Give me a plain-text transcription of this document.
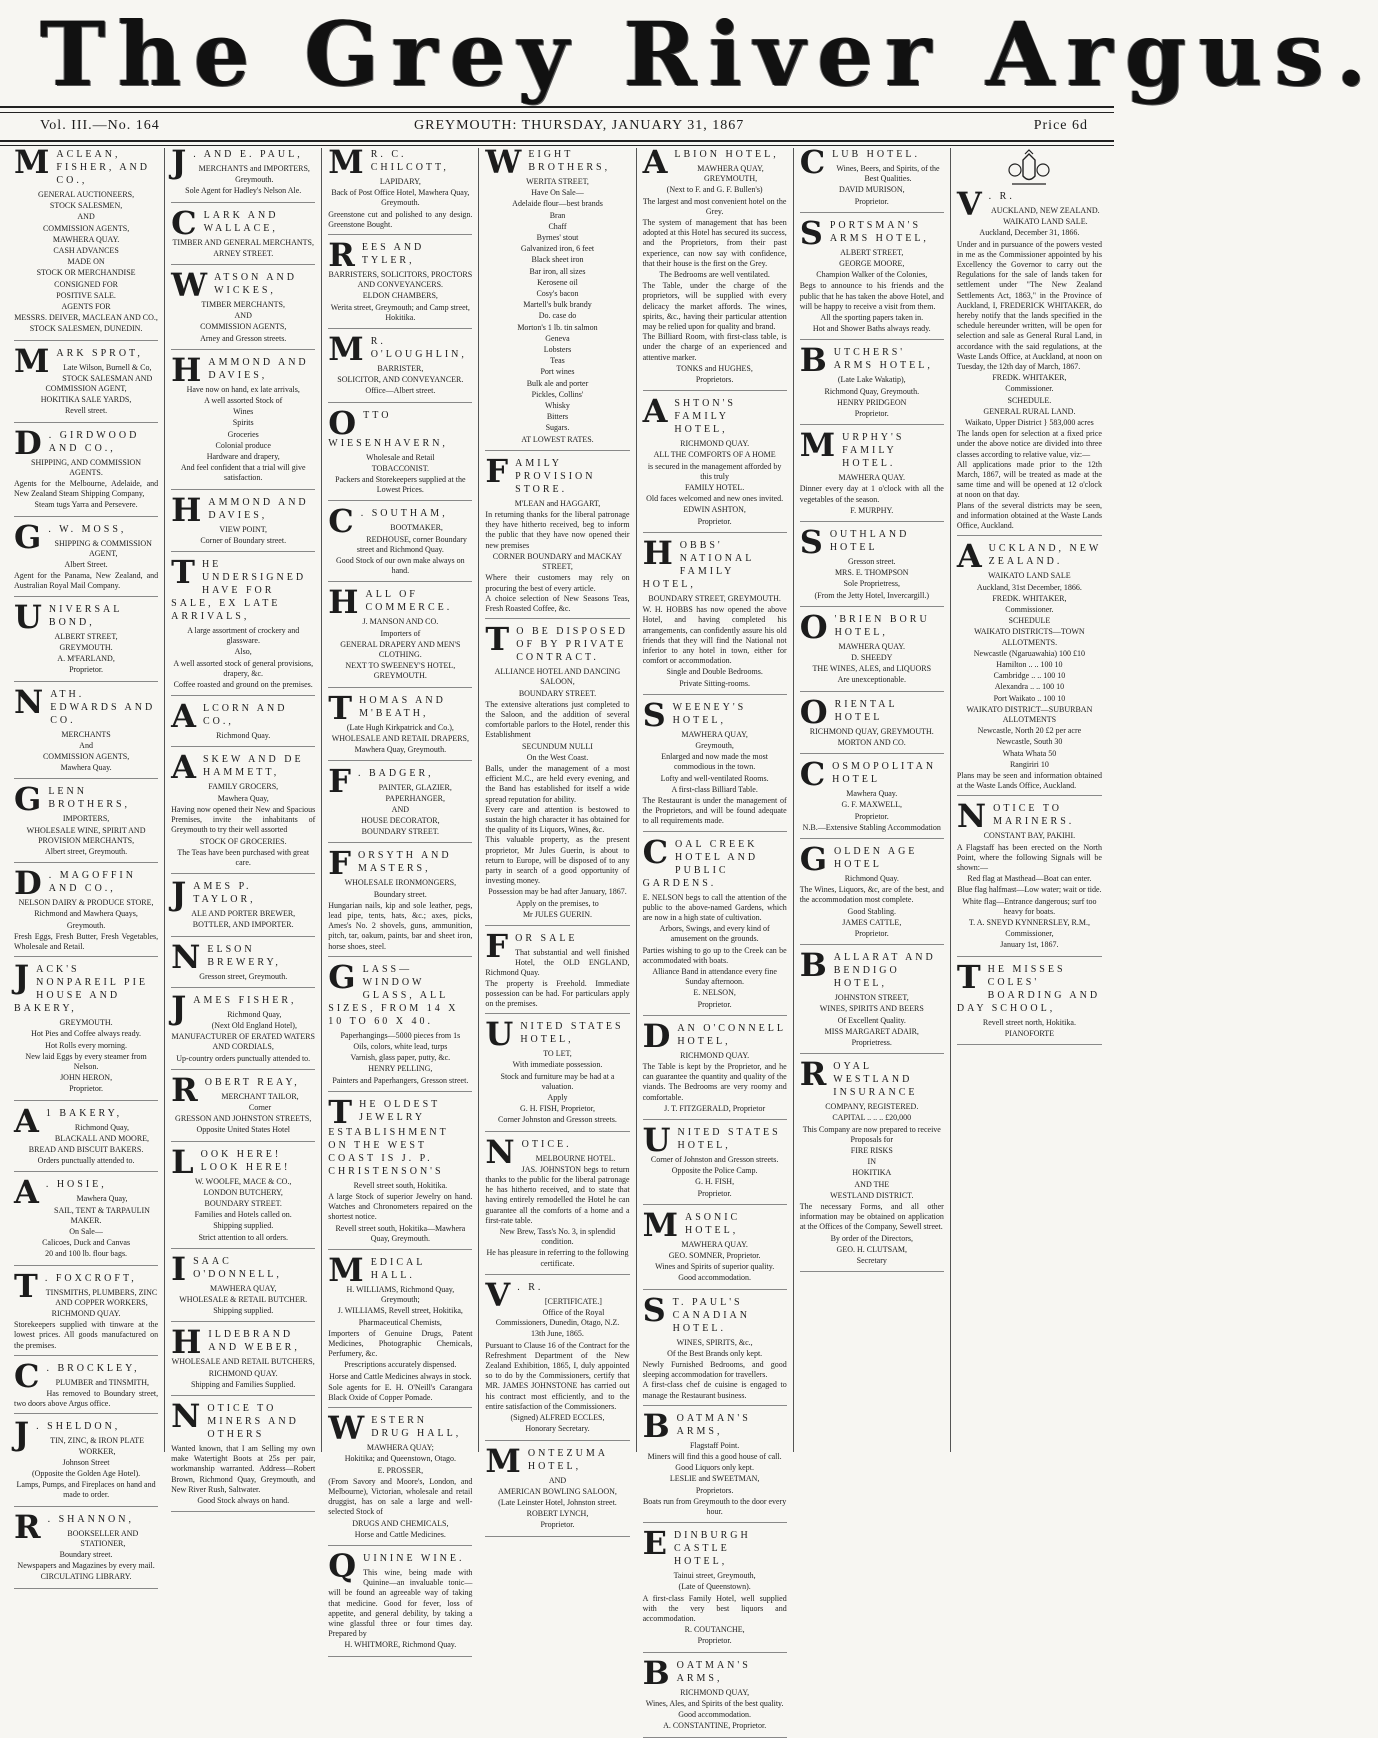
The Grey River Argus.
Vol. III.—No. 164	GREYMOUTH: THURSDAY, JANUARY 31, 1867	Price 6d
MACLEAN, FISHER, AND CO.,
GENERAL AUCTIONEERS,
STOCK SALESMEN,
AND
COMMISSION AGENTS,
MAWHERA QUAY.
CASH ADVANCES
MADE ON
STOCK OR MERCHANDISE
CONSIGNED FOR
POSITIVE SALE.
AGENTS FOR
MESSRS. DEIVER, MACLEAN AND CO.,
STOCK SALESMEN, DUNEDIN.
MARK SPROT,
Late Wilson, Burnell & Co,
STOCK SALESMAN AND COMMISSION AGENT,
HOKITIKA SALE YARDS,
Revell street.
D . GIRDWOOD AND CO.,
SHIPPING, AND COMMISSION AGENTS.
Agents for the Melbourne, Adelaide, and New Zealand Steam Shipping Company,
Steam tugs Yarra and Persevere.
G . W. MOSS,
SHIPPING & COMMISSION AGENT,
Albert Street.
Agent for the Panama, New Zealand, and Australian Royal Mail Company.
UNIVERSAL BOND,
ALBERT STREET,
GREYMOUTH.
A. M'FARLAND,
Proprietor.
NATH. EDWARDS AND CO.
MERCHANTS
And
COMMISSION AGENTS,
Mawhera Quay.
GLENN BROTHERS,
IMPORTERS,
WHOLESALE WINE, SPIRIT AND PROVISION MERCHANTS,
Albert street, Greymouth.
D . MAGOFFIN AND CO.,
NELSON DAIRY & PRODUCE STORE,
Richmond and Mawhera Quays,
Greymouth.
Fresh Eggs, Fresh Butter, Fresh Vegetables, Wholesale and Retail.
JACK'S NONPAREIL PIE HOUSE AND BAKERY,
GREYMOUTH.
Hot Pies and Coffee always ready.
Hot Rolls every morning.
New laid Eggs by every steamer from Nelson.
JOHN HERON,
Proprietor.
A 1 BAKERY,
Richmond Quay,
BLACKALL AND MOORE,
BREAD AND BISCUIT BAKERS.
Orders punctually attended to.
A . HOSIE,
Mawhera Quay,
SAIL, TENT & TARPAULIN MAKER.
On Sale—
Calicoes, Duck and Canvas
20 and 100 lb. flour bags.
T . FOXCROFT,
TINSMITHS, PLUMBERS, ZINC AND COPPER WORKERS,
RICHMOND QUAY.
Storekeepers supplied with tinware at the lowest prices. All goods manufactured on the premises.
C . BROCKLEY,
PLUMBER and TINSMITH,
Has removed to Boundary street, two doors above Argus office.
J . SHELDON,
TIN, ZINC, & IRON PLATE WORKER,
Johnson Street
(Opposite the Golden Age Hotel).
Lamps, Pumps, and Fireplaces on hand and made to order.
R . SHANNON,
BOOKSELLER AND STATIONER,
Boundary street.
Newspapers and Magazines by every mail.
CIRCULATING LIBRARY.
J . AND E. PAUL,
MERCHANTS and IMPORTERS,
Greymouth.
Sole Agent for Hadley's Nelson Ale.
CLARK AND WALLACE,
TIMBER AND GENERAL MERCHANTS,
ARNEY STREET.
WATSON AND WICKES,
TIMBER MERCHANTS,
AND
COMMISSION AGENTS,
Arney and Gresson streets.
HAMMOND AND DAVIES,
Have now on hand, ex late arrivals,
A well assorted Stock of
Wines
Spirits
Groceries
Colonial produce
Hardware and drapery,
And feel confident that a trial will give satisfaction.
HAMMOND AND DAVIES,
VIEW POINT,
Corner of Boundary street.
THE UNDERSIGNED HAVE FOR SALE, EX LATE ARRIVALS,
A large assortment of crockery and glassware.
Also,
A well assorted stock of general provisions, drapery, &c.
Coffee roasted and ground on the premises.
ALCORN AND CO.,
Richmond Quay.
ASKEW AND DE HAMMETT,
FAMILY GROCERS,
Mawhera Quay,
Having now opened their New and Spacious Premises, invite the inhabitants of Greymouth to try their well assorted
STOCK OF GROCERIES.
The Teas have been purchased with great care.
JAMES P. TAYLOR,
ALE AND PORTER BREWER,
BOTTLER, AND IMPORTER.
NELSON BREWERY,
Gresson street, Greymouth.
JAMES FISHER,
Richmond Quay,
(Next Old England Hotel),
MANUFACTURER OF ERATED WATERS AND CORDIALS,
Up-country orders punctually attended to.
ROBERT REAY,
MERCHANT TAILOR,
Corner
GRESSON AND JOHNSTON STREETS,
Opposite United States Hotel
LOOK HERE! LOOK HERE!
W. WOOLFE, MACE & CO.,
LONDON BUTCHERY,
BOUNDARY STREET.
Families and Hotels called on.
Shipping supplied.
Strict attention to all orders.
ISAAC O'DONNELL,
MAWHERA QUAY,
WHOLESALE & RETAIL BUTCHER.
Shipping supplied.
HILDEBRAND AND WEBER,
WHOLESALE AND RETAIL BUTCHERS,
RICHMOND QUAY.
Shipping and Families Supplied.
NOTICE TO MINERS AND OTHERS
Wanted known, that I am Selling my own make Watertight Boots at 25s per pair, workmanship warranted. Address—Robert Brown, Richmond Quay, Greymouth, and New River Rush, Saltwater.
Good Stock always on hand.
M R. C. CHILCOTT,
LAPIDARY,
Back of Post Office Hotel, Mawhera Quay, Greymouth.
Greenstone cut and polished to any design. Greenstone Bought.
REES AND TYLER,
BARRISTERS, SOLICITORS, PROCTORS AND CONVEYANCERS.
ELDON CHAMBERS,
Werita street, Greymouth; and Camp street, Hokitika.
M R. O'LOUGHLIN,
BARRISTER,
SOLICITOR, AND CONVEYANCER.
Office—Albert street.
OTTO WIESENHAVERN,
Wholesale and Retail
TOBACCONIST.
Packers and Storekeepers supplied at the Lowest Prices.
C . SOUTHAM,
BOOTMAKER,
REDHOUSE, corner Boundary street and Richmond Quay.
Good Stock of our own make always on hand.
HALL OF COMMERCE.
J. MANSON AND CO.
Importers of
GENERAL DRAPERY AND MEN'S CLOTHING.
NEXT TO SWEENEY'S HOTEL, GREYMOUTH.
THOMAS AND M'BEATH,
(Late Hugh Kirkpatrick and Co.),
WHOLESALE AND RETAIL DRAPERS,
Mawhera Quay, Greymouth.
F . BADGER,
PAINTER, GLAZIER, PAPERHANGER,
AND
HOUSE DECORATOR,
BOUNDARY STREET.
FORSYTH AND MASTERS,
WHOLESALE IRONMONGERS,
Boundary street.
Hungarian nails, kip and sole leather, pegs, lead pipe, tents, hats, &c.; axes, picks, Ames's No. 2 shovels, guns, ammunition, pitch, tar, oakum, paints, bar and sheet iron, horse shoes, steel.
GLASS—WINDOW GLASS, ALL SIZES, FROM 14 X 10 TO 60 X 40.
Paperhangings—5000 pieces from 1s
Oils, colors, white lead, turps
Varnish, glass paper, putty, &c.
HENRY PELLING,
Painters and Paperhangers, Gresson street.
THE OLDEST JEWELRY ESTABLISHMENT ON THE WEST COAST IS J. P. CHRISTENSON'S
Revell street south, Hokitika.
A large Stock of superior Jewelry on hand. Watches and Chronometers repaired on the shortest notice.
Revell street south, Hokitika—Mawhera Quay, Greymouth.
MEDICAL HALL.
H. WILLIAMS, Richmond Quay, Greymouth;
J. WILLIAMS, Revell street, Hokitika,
Pharmaceutical Chemists,
Importers of Genuine Drugs, Patent Medicines, Photographic Chemicals, Perfumery, &c.
Prescriptions accurately dispensed.
Horse and Cattle Medicines always in stock.
Sole agents for E. H. O'Neill's Carangara Black Oxide of Copper Pomade.
WESTERN DRUG HALL,
MAWHERA QUAY;
Hokitika; and Queenstown, Otago.
E. PROSSER,
(From Savory and Moore's, London, and Melbourne), Victorian, wholesale and retail druggist, has on sale a large and well-selected Stock of
DRUGS AND CHEMICALS,
Horse and Cattle Medicines.
QUININE WINE.
This wine, being made with Quinine—an invaluable tonic—will be found an agreeable way of taking that medicine. Good for fever, loss of appetite, and general debility, by taking a wine glassful three or four times day. Prepared by
H. WHITMORE, Richmond Quay.
WEIGHT BROTHERS,
WERITA STREET,
Have On Sale—
Adelaide flour—best brands
Bran
Chaff
Byrnes' stout
Galvanized iron, 6 feet
Black sheet iron
Bar iron, all sizes
Kerosene oil
Cosy's bacon
Martell's bulk brandy
Do. case do
Morton's 1 lb. tin salmon
Geneva
Lobsters
Teas
Port wines
Bulk ale and porter
Pickles, Collins'
Whisky
Bitters
Sugars.
AT LOWEST RATES.
FAMILY PROVISION STORE.
M'LEAN and HAGGART,
In returning thanks for the liberal patronage they have hitherto received, beg to inform the public that they have now opened their new premises
CORNER BOUNDARY and MACKAY STREET,
Where their customers may rely on procuring the best of every article.
A choice selection of New Seasons Teas, Fresh Roasted Coffee, &c.
T O BE DISPOSED OF BY PRIVATE CONTRACT.
ALLIANCE HOTEL AND DANCING SALOON,
BOUNDARY STREET.
The extensive alterations just completed to the Saloon, and the addition of several comfortable parlors to the Hotel, render this Establishment
SECUNDUM NULLI
On the West Coast.
Balls, under the management of a most efficient M.C., are held every evening, and the Band has established for itself a wide spread reputation for ability.
Every care and attention is bestowed to sustain the high character it has obtained for the quality of its Liquors, Wines, &c.
This valuable property, as the present proprietor, Mr Jules Guerin, is about to return to Europe, will be disposed of to any party in search of a good opportunity of investing money.
Possession may be had after January, 1867.
Apply on the premises, to
Mr JULES GUERIN.
FOR SALE
That substantial and well finished Hotel, the OLD ENGLAND, Richmond Quay.
The property is Freehold. Immediate possession can be had. For particulars apply on the premises.
UNITED STATES HOTEL,
TO LET,
With immediate possession.
Stock and furniture may be had at a valuation.
Apply
G. H. FISH, Proprietor,
Corner Johnston and Gresson streets.
NOTICE.
MELBOURNE HOTEL.
JAS. JOHNSTON begs to return thanks to the public for the liberal patronage he has hitherto received, and to state that having entirely remodelled the Hotel he can guarantee all the comforts of a home and a first-rate table.
New Brew, Tass's No. 3, in splendid condition.
He has pleasure in referring to the following certificate.
V . R.
[CERTIFICATE.]
Office of the Royal Commissioners, Dunedin, Otago, N.Z.
13th June, 1865.
Pursuant to Clause 16 of the Contract for the Refreshment Department of the New Zealand Exhibition, 1865, I, duly appointed so to do by the Commissioners, certify that MR. JAMES JOHNSTONE has carried out his contract most efficiently, and to the entire satisfaction of the Commissioners.
(Signed) ALFRED ECCLES,
Honorary Secretary.
MONTEZUMA HOTEL,
AND
AMERICAN BOWLING SALOON,
(Late Leinster Hotel, Johnston street.
ROBERT LYNCH,
Proprietor.
ALBION HOTEL,
MAWHERA QUAY, GREYMOUTH,
(Next to F. and G. F. Bullen's)
The largest and most convenient hotel on the Grey.
The system of management that has been adopted at this Hotel has secured its success, and the Proprietors, from their past experience, can now say with confidence, that their house is the first on the Grey.
The Bedrooms are well ventilated.
The Table, under the charge of the proprietors, will be supplied with every delicacy the market affords. The wines, spirits, &c., having their particular attention may be relied upon for quality and brand.
The Billiard Room, with first-class table, is under the charge of an experienced and attentive marker.
TONKS and HUGHES,
Proprietors.
ASHTON'S FAMILY HOTEL,
RICHMOND QUAY.
ALL THE COMFORTS OF A HOME
is secured in the management afforded by this truly
FAMILY HOTEL.
Old faces welcomed and new ones invited.
EDWIN ASHTON,
Proprietor.
HOBBS' NATIONAL FAMILY HOTEL,
BOUNDARY STREET, GREYMOUTH.
W. H. HOBBS has now opened the above Hotel, and having completed his arrangements, can confidently assure his old friends that they will find the National not inferior to any hotel in town, either for comfort or accommodation.
Single and Double Bedrooms.
Private Sitting-rooms.
SWEENEY'S HOTEL,
MAWHERA QUAY,
Greymouth,
Enlarged and now made the most commodious in the town.
Lofty and well-ventilated Rooms.
A first-class Billiard Table.
The Restaurant is under the management of the Proprietors, and will be found adequate to all requirements made.
COAL CREEK HOTEL AND PUBLIC GARDENS.
E. NELSON begs to call the attention of the public to the above-named Gardens, which are now in a high state of cultivation.
Arbors, Swings, and every kind of amusement on the grounds.
Parties wishing to go up to the Creek can be accommodated with boats.
Alliance Band in attendance every fine Sunday afternoon.
E. NELSON,
Proprietor.
DAN O'CONNELL HOTEL,
RICHMOND QUAY.
The Table is kept by the Proprietor, and he can guarantee the quantity and quality of the viands. The Bedrooms are very roomy and comfortable.
J. T. FITZGERALD, Proprietor
UNITED STATES HOTEL,
Corner of Johnston and Gresson streets.
Opposite the Police Camp.
G. H. FISH,
Proprietor.
MASONIC HOTEL,
MAWHERA QUAY.
GEO. SOMNER, Proprietor.
Wines and Spirits of superior quality.
Good accommodation.
S T. PAUL'S CANADIAN HOTEL.
WINES, SPIRITS, &c.,
Of the Best Brands only kept.
Newly Furnished Bedrooms, and good sleeping accommodation for travellers.
A first-class chef de cuisine is engaged to manage the Restaurant business.
BOATMAN'S ARMS,
Flagstaff Point.
Miners will find this a good house of call.
Good Liquors only kept.
LESLIE and SWEETMAN,
Proprietors.
Boats run from Greymouth to the door every hour.
EDINBURGH CASTLE HOTEL,
Tainui street, Greymouth,
(Late of Queenstown).
A first-class Family Hotel, well supplied with the very best liquors and accommodation.
R. COUTANCHE,
Proprietor.
BOATMAN'S ARMS,
RICHMOND QUAY,
Wines, Ales, and Spirits of the best quality.
Good accommodation.
A. CONSTANTINE, Proprietor.
CLUB HOTEL.
Wines, Beers, and Spirits, of the Best Qualities.
DAVID MURISON,
Proprietor.
SPORTSMAN'S ARMS HOTEL,
ALBERT STREET,
GEORGE MOORE,
Champion Walker of the Colonies,
Begs to announce to his friends and the public that he has taken the above Hotel, and will be happy to receive a visit from them.
All the sporting papers taken in.
Hot and Shower Baths always ready.
BUTCHERS' ARMS HOTEL,
(Late Lake Wakatip),
Richmond Quay, Greymouth.
HENRY PRIDGEON
Proprietor.
MURPHY'S FAMILY HOTEL.
MAWHERA QUAY.
Dinner every day at 1 o'clock with all the vegetables of the season.
F. MURPHY.
SOUTHLAND HOTEL
Gresson street.
MRS. E. THOMPSON
Sole Proprietress,
(From the Jetty Hotel, Invercargill.)
O 'BRIEN BORU HOTEL,
MAWHERA QUAY.
D. SHEEDY
THE WINES, ALES, and LIQUORS
Are unexceptionable.
ORIENTAL HOTEL
RICHMOND QUAY, GREYMOUTH.
MORTON AND CO.
COSMOPOLITAN HOTEL
Mawhera Quay.
G. F. MAXWELL,
Proprietor.
N.B.—Extensive Stabling Accommodation
GOLDEN AGE HOTEL
Richmond Quay.
The Wines, Liquors, &c, are of the best, and the accommodation most complete.
Good Stabling.
JAMES CATTLE,
Proprietor.
BALLARAT AND BENDIGO HOTEL,
JOHNSTON STREET,
WINES, SPIRITS AND BEERS
Of Excellent Quality.
MISS MARGARET ADAIR,
Proprietress.
ROYAL WESTLAND INSURANCE
COMPANY, REGISTERED.
CAPITAL .. .. .. £20,000
This Company are now prepared to receive Proposals for
FIRE RISKS
IN
HOKITIKA
AND THE
WESTLAND DISTRICT.
The necessary Forms, and all other information may be obtained on application at the Offices of the Company, Sewell street.
By order of the Directors,
GEO. H. CLUTSAM,
Secretary
V . R.
AUCKLAND, NEW ZEALAND.
WAIKATO LAND SALE.
Auckland, December 31, 1866.
Under and in pursuance of the powers vested in me as the Commissioner appointed by his Excellency the Governor to carry out the Regulations for the sale of lands taken for settlement under "The New Zealand Settlements Act, 1863," in the Province of Auckland, I, FREDERICK WHITAKER, do hereby notify that the lands specified in the schedule hereunder written, will be open for selection and sale as General Rural Land, in accordance with the said regulations, at the Waste Lands Office, at Auckland, at noon on Tuesday, the 12th day of March, 1867.
FREDK. WHITAKER,
Commissioner.
SCHEDULE.
GENERAL RURAL LAND.
Waikato, Upper District } 583,000 acres
The lands open for selection at a fixed price under the above notice are divided into three classes according to relative value, viz:—
All applications made prior to the 12th March, 1867, will be treated as made at the same time and will be opened at 12 o'clock at noon on that day.
Plans of the several districts may be seen, and information obtained at the Waste Lands Office, Auckland.
AUCKLAND, NEW ZEALAND.
WAIKATO LAND SALE
Auckland, 31st December, 1866.
FREDK. WHITAKER,
Commissioner.
SCHEDULE
WAIKATO DISTRICTS—TOWN ALLOTMENTS.
Newcastle (Ngaruawahia) 100 £10
Hamilton .. .. 100 10
Cambridge .. .. 100 10
Alexandra .. .. 100 10
Port Waikato .. 100 10
WAIKATO DISTRICT—SUBURBAN ALLOTMENTS
Newcastle, North 20 £2 per acre
Newcastle, South 30
Whata Whata 50
Rangiriri 10
Plans may be seen and information obtained at the Waste Lands Office, Auckland.
NOTICE TO MARINERS.
CONSTANT BAY, PAKIHI.
A Flagstaff has been erected on the North Point, where the following Signals will be shown:—
Red flag at Masthead—Boat can enter.
Blue flag halfmast—Low water; wait or tide.
White flag—Entrance dangerous; surf too heavy for boats.
T. A. SNEYD KYNNERSLEY, R.M.,
Commissioner,
January 1st, 1867.
THE MISSES COLES' BOARDING AND DAY SCHOOL,
Revell street north, Hokitika.
PIANOFORTE
